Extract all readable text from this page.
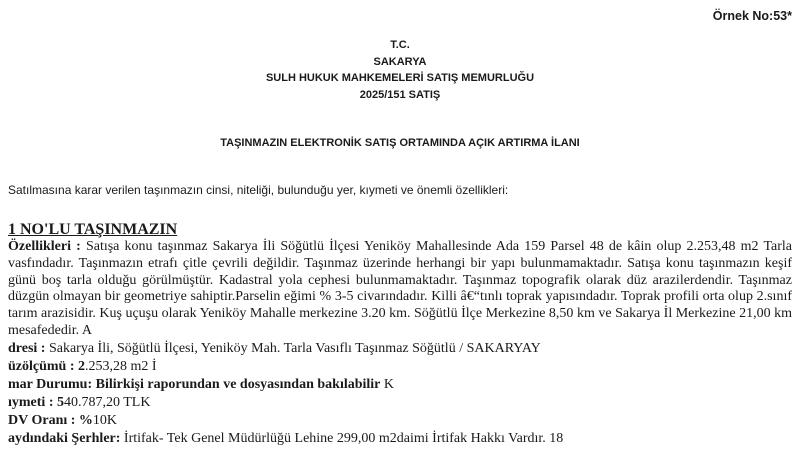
Örnek No:53*
T.C.
SAKARYA
SULH HUKUK MAHKEMELERİ SATIŞ MEMURLUĞU
2025/151 SATIŞ
TAŞINMAZIN ELEKTRONİK SATIŞ ORTAMINDA AÇIK ARTIRMA İLANI
Satılmasına karar verilen taşınmazın cinsi, niteliği, bulunduğu yer, kıymeti ve önemli özellikleri:

1 NO'LU TAŞINMAZIN

Özellikleri : Satışa konu taşınmaz Sakarya İli Söğütlü İlçesi Yeniköy Mahallesinde Ada 159 Parsel 48 de kâin olup 2.253,48 m2 Tarla vasfındadır. Taşınmazın etrafı çitle çevrili değildir. Taşınmaz üzerinde herhangi bir yapı bulunmamaktadır. Satışa konu taşınmazın keşif günü boş tarla olduğu görülmüştür. Kadastral yola cephesi bulunmamaktadır. Taşınmaz topografik olarak düz arazilerdendir. Taşınmaz düzgün olmayan bir geometriye sahiptir.Parselin eğimi % 3-5 civarındadır. Killi â€“tınlı toprak yapısındadır. Toprak profili orta olup 2.sınıf tarım arazisidir. Kuş uçuşu olarak Yeniköy Mahalle merkezine 3.20 km. Söğütlü İlçe Merkezine 8,50 km ve Sakarya İl Merkezine 21,00 km mesafededir. A

dresi : Sakarya İli, Söğütlü İlçesi, Yeniköy Mah. Tarla Vasıflı Taşınmaz Söğütlü / SAKARYAY

üzölçümü : 2.253,28 m2 İ

mar Durumu: Bilirkişi raporundan ve dosyasından bakılabilir K

ıymeti : 540.787,20 TLK

DV Oranı : %10K

aydındaki Şerhler: İrtifak- Tek Genel Müdürlüğü Lehine 299,00 m2daimi İrtifak Hakkı Vardır. 18
